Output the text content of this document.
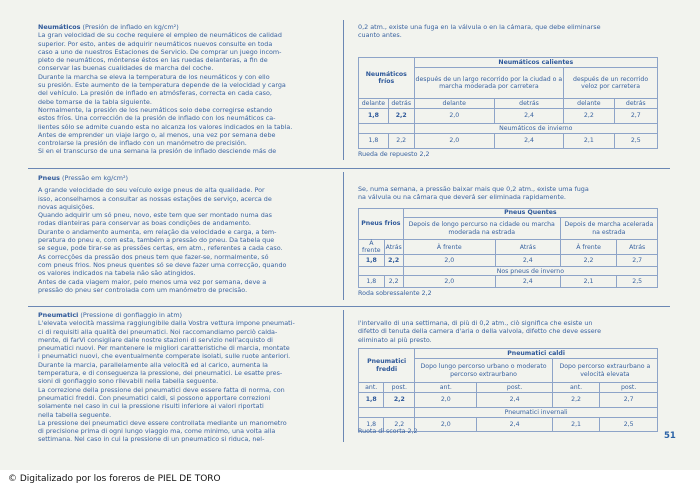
Neumáticos (Presión de inflado en kg/cm²)
La gran velocidad de su coche requiere el empleo de neumáticos de calidad
superior. Por esto, antes de adquirir neumáticos nuevos consulte en toda
caso a uno de nuestros Estaciones de Servicio. De comprar un juego incom-
pleto de neumáticos, móntense éstos en las ruedas delanteras, a fin de
conservar las buenas cualidades de marcha del coche.
Durante la marcha se eleva la temperatura de los neumáticos y con ello
su presión. Este aumento de la temperatura depende de la velocidad y carga
del vehículo. La presión de inflado en atmósferas, correcta en cada caso,
debe tomarse de la tabla siguiente.
Normalmente, la presión de los neumáticos solo debe corregirse estando
estos fríos. Una corrección de la presión de inflado con los neumáticos ca-
lientes sólo se admite cuando esta no alcanza los valores indicados en la tabla.
Antes de emprender un viaje largo o, al menos, una vez por semana debe
controlarse la presión de inflado con un manómetro de precisión.
Si en el transcurso de una semana la presión de inflado desciende más de
0,2 atm., existe una fuga en la válvula o en la cámara, que debe eliminarse
cuanto antes.
Neumáticos fríos		Neumáticos calientes			
		después de un largo recorrido por la ciudad o a marcha moderada por carretera		después de un recorrido veloz por carretera	
delante	detrás	delante	detrás	delante	detrás
1,8	2,2	2,0	2,4	2,2	2,7
		Neumáticos de invierno			
1,8	2,2	2,0	2,4	2,1	2,5
Rueda de repuesto 2,2
Pneus (Pressão em kg/cm²)
A grande velocidade do seu veículo exige pneus de alta qualidade. Por
isso, aconselhamos a consultar as nossas estações de serviço, acerca de
novas aquisições.
Quando adquirir um só pneu, novo, este tem que ser montado numa das
rodas dianteiras para conservar as boas condições de andamento.
Durante o andamento aumenta, em relação da velocidade e carga, a tem-
peratura do pneu e, com esta, também a pressão do pneu. Da tabela que
se segue, pode tirar-se as pressões certas, em atm., referentes a cada caso.
As correcções da pressão dos pneus tem que fazer-se, normalmente, só
com pneus frios. Nos pneus quentes só se deve fazer uma correcção, quando
os valores indicados na tabela não são atingidos.
Antes de cada viagem maior, pelo menos uma vez por semana, deve a
pressão do pneu ser controlada com um manómetro de precisão.
Se, numa semana, a pressão baixar mais que 0,2 atm., existe uma fuga
na válvula ou na câmara que deverá ser eliminada rapidamente.
Pneus frios		Pneus Quentes			
		Depois de longo percurso na cidade ou marcha moderada na estrada		Depois de marcha acelerada na estrada	
À frente	Atrás	À frente	Atrás	À frente	Atrás
1,8	2,2	2,0	2,4	2,2	2,7
		Nos pneus de inverno			
1,8	2,2	2,0	2,4	2,1	2,5
Roda sobressalente 2,2
Pneumatici (Pressione di gonfiaggio in atm)
L'elevata velocità massima raggiungibile dalla Vostra vettura impone pneumati-
ci di requisiti alla qualità dei pneumatici. Noi raccomandiamo perciò calda-
mente, di farVi consigliare dalle nostre stazioni di servizio nell'acquisto di
pneumatici nuovi. Per mantenere le migliori caratteristiche di marcia, montate
i pneumatici nuovi, che eventualmente comperate isolati, sulle ruote anteriori.
Durante la marcia, parallelamente alla velocità ed al carico, aumenta la
temperatura, e di conseguenza la pressione, dei pneumatici. Le esatte pres-
sioni di gonfiaggio sono rilevabili nella tabella seguente.
La correzione della pressione dei pneumatici deve essere fatta di norma, con
pneumatici freddi. Con pneumatici caldi, si possono apportare correzioni
solamente nel caso in cui la pressione risulti inferiore ai valori riportati
nella tabella seguente.
La pressione dei pneumatici deve essere controllata mediante un manometro
di precisione prima di ogni lungo viaggio ma, come minimo, una volta alla
settimana. Nel caso in cui la pressione di un pneumatico si riduca, nel-
l'intervallo di una settimana, di più di 0,2 atm., ciò significa che esiste un
difetto di tenuta della camera d'aria o della valvola, difetto che deve essere
eliminato al più presto.
Pneumatici freddi		Pneumatici caldi			
		Dopo lungo percorso urbano o moderato percorso extraurbano		Dopo percorso extraurbano a velocità elevata	
ant.	post.	ant.	post.	ant.	post.
1,8	2,2	2,0	2,4	2,2	2,7
		Pneumatici invernali			
1,8	2,2	2,0	2,4	2,1	2,5
Ruota di scorta 2,2	51
© Digitalizado por los foreros de PIEL DE TORO
